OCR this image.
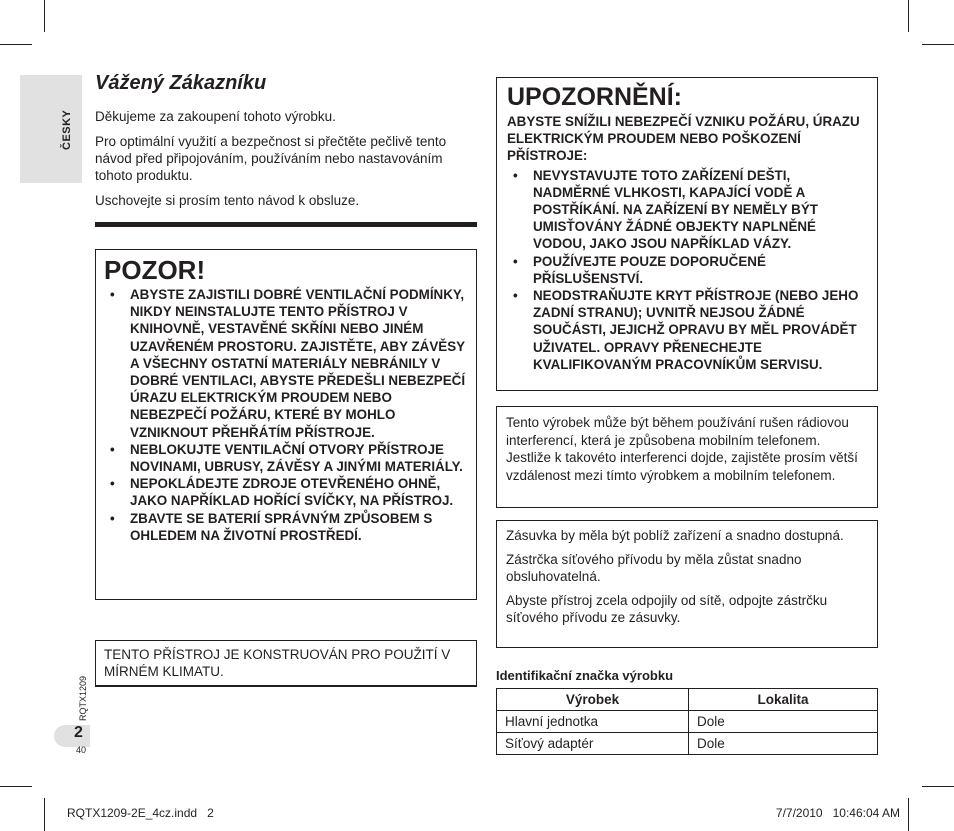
ČESKY
Vážený Zákazníku

Děkujeme za zakoupení tohoto výrobku.

Pro optimální využití a bezpečnost si přečtěte pečlivě tento návod před připojováním, používáním nebo nastavováním tohoto produktu.

Uschovejte si prosím tento návod k obsluze.

POZOR!
• ABYSTE ZAJISTILI DOBRÉ VENTILAČNÍ PODMÍNKY, NIKDY NEINSTALUJTE TENTO PŘÍSTROJ V KNIHOVNĚ, VESTAVĚNÉ SKŘÍNI NEBO JINÉM UZAVŘENÉM PROSTORU. ZAJISTĚTE, ABY ZÁVĚSY A VŠECHNY OSTATNÍ MATERIÁLY NEBRÁNILY V DOBRÉ VENTILACI, ABYSTE PŘEDEŠLI NEBEZPEČÍ ÚRAZU ELEKTRICKÝM PROUDEM NEBO NEBEZPEČÍ POŽÁRU, KTERÉ BY MOHLO VZNIKNOUT PŘEHŘÁTÍM PŘÍSTROJE.
• NEBLOKUJTE VENTILAČNÍ OTVORY PŘÍSTROJE NOVINAMI, UBRUSY, ZÁVĚSY A JINÝMI MATERIÁLY.
• NEPOKLÁDEJTE ZDROJE OTEVŘENÉHO OHNĚ, JAKO NAPŘÍKLAD HOŘÍCÍ SVÍČKY, NA PŘÍSTROJ.
• ZBAVTE SE BATERIÍ SPRÁVNÝM ZPŮSOBEM S OHLEDEM NA ŽIVOTNÍ PROSTŘEDÍ.
TENTO PŘÍSTROJ JE KONSTRUOVÁN PRO POUŽITÍ V MÍRNÉM KLIMATU.
UPOZORNĚNÍ:
ABYSTE SNÍŽILI NEBEZPEČÍ VZNIKU POŽÁRU, ÚRAZU ELEKTRICKÝM PROUDEM NEBO POŠKOZENÍ PŘÍSTROJE:
• NEVYSTAVUJTE TOTO ZAŘÍZENÍ DEŠTI, NADMĚRNÉ VLHKOSTI, KAPAJÍCÍ VODĚ A POSTŘÍKÁNÍ. NA ZAŘÍZENÍ BY NEMĚLY BÝT UMISŤOVÁNY ŽÁDNÉ OBJEKTY NAPLNĚNÉ VODOU, JAKO JSOU NAPŘÍKLAD VÁZY.
• POUŽÍVEJTE POUZE DOPORUČENÉ PŘÍSLUŠENSTVÍ.
• NEODSTRAŇUJTE KRYT PŘÍSTROJE (NEBO JEHO ZADNÍ STRANU); UVNITŘ NEJSOU ŽÁDNÉ SOUČÁSTI, JEJICHŽ OPRAVU BY MĚL PROVÁDĚT UŽIVATEL. OPRAVY PŘENECHEJTE KVALIFIKOVANÝM PRACOVNÍKŮM SERVISU.
Tento výrobek může být během používání rušen rádiovou interferencí, která je způsobena mobilním telefonem. Jestliže k takovéto interferenci dojde, zajistěte prosím větší vzdálenost mezi tímto výrobkem a mobilním telefonem.

Zásuvka by měla být poblíž zařízení a snadno dostupná.

Zástrčka síťového přívodu by měla zůstat snadno obsluhovatelná.

Abyste přístroj zcela odpojily od sítě, odpojte zástrčku síťového přívodu ze zásuvky.

Identifikační značka výrobku
Výrobek	Lokalita
Hlavní jednotka	Dole
Síťový adaptér	Dole
RQTX1209
2
40
RQTX1209-2E_4cz.indd   2	7/7/2010   10:46:04 AM
